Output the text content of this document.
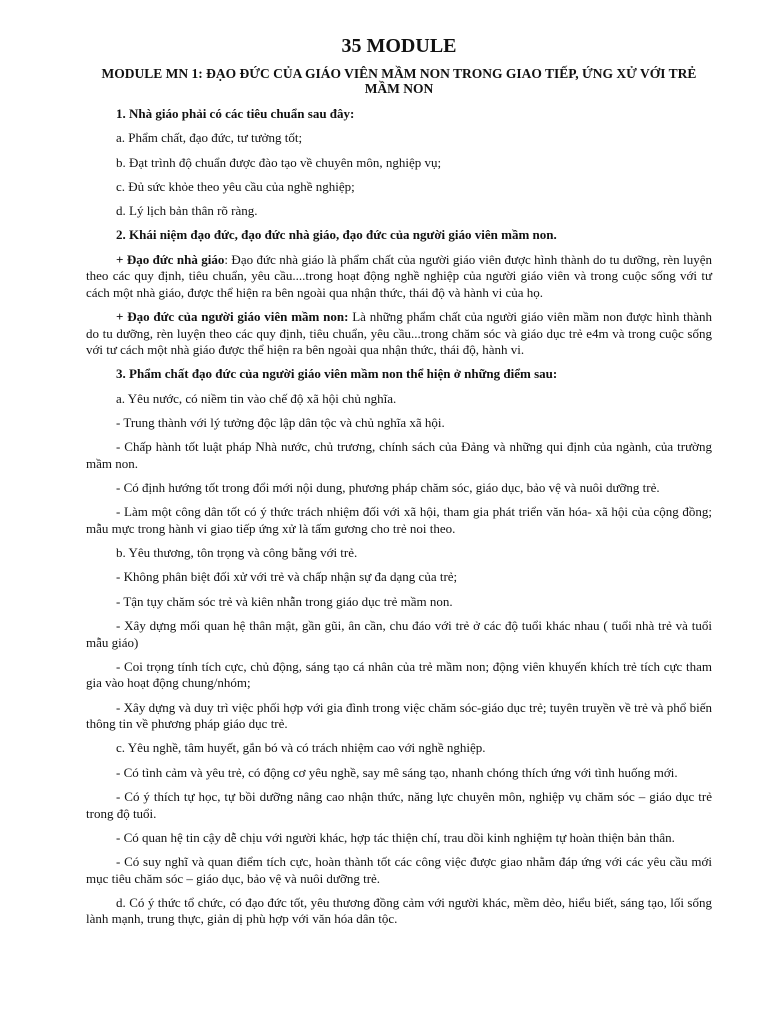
35 MODULE
MODULE MN 1: ĐẠO ĐỨC CỦA GIÁO VIÊN MẦM NON TRONG GIAO TIẾP, ỨNG XỬ VỚI TRẺ MẦM NON
1. Nhà giáo phải có các tiêu chuẩn sau đây:
a. Phẩm chất, đạo đức, tư tưởng tốt;
b. Đạt trình độ chuẩn được đào tạo về chuyên môn, nghiệp vụ;
c. Đủ sức khỏe theo yêu cầu của nghề nghiệp;
d. Lý lịch bản thân rõ ràng.
2. Khái niệm đạo đức, đạo đức nhà giáo, đạo đức của người giáo viên mầm non.
+ Đạo đức nhà giáo: Đạo đức nhà giáo là phẩm chất của người giáo viên được hình thành do tu dưỡng, rèn luyện theo các quy định, tiêu chuẩn, yêu cầu....trong hoạt động nghề nghiệp của người giáo viên và trong cuộc sống với tư cách một nhà giáo, được thể hiện ra bên ngoài qua nhận thức, thái độ và hành vi của họ.
+ Đạo đức của người giáo viên mầm non: Là những phẩm chất của người giáo viên mầm non được hình thành do tu dưỡng, rèn luyện theo các quy định, tiêu chuẩn, yêu cầu...trong chăm sóc và giáo dục trẻ e4m và trong cuộc sống với tư cách một nhà giáo được thể hiện ra bên ngoài qua nhận thức, thái độ, hành vi.
3. Phẩm chất đạo đức của người giáo viên mầm non thể hiện ở những điểm sau:
a. Yêu nước, có niềm tin vào chế độ xã hội chủ nghĩa.
- Trung thành với lý tưởng độc lập dân tộc và chủ nghĩa xã hội.
- Chấp hành tốt luật pháp Nhà nước, chủ trương, chính sách của Đảng và những qui định của ngành, của trường mầm non.
- Có định hướng tốt trong đổi mới nội dung, phương pháp chăm sóc, giáo dục, bảo vệ và nuôi dưỡng trẻ.
- Làm một công dân tốt có ý thức trách nhiệm đối với xã hội, tham gia phát triển văn hóa- xã hội của cộng đồng; mẫu mực trong hành vi giao tiếp ứng xử là tấm gương cho trẻ noi theo.
b. Yêu thương, tôn trọng và công bằng với trẻ.
- Không phân biệt đối xử với trẻ và chấp nhận sự đa dạng của trẻ;
- Tận tụy chăm sóc trẻ và kiên nhẫn trong giáo dục trẻ mầm non.
- Xây dựng mối quan hệ thân mật, gần gũi, ân cần, chu đáo với trẻ ở các độ tuổi khác nhau ( tuổi nhà trẻ và tuổi mẫu giáo)
- Coi trọng tính tích cực, chủ động, sáng tạo cá nhân của trẻ mầm non; động viên khuyến khích trẻ tích cực tham gia vào hoạt động chung/nhóm;
- Xây dựng và duy trì việc phối hợp với gia đình trong việc chăm sóc-giáo dục trẻ; tuyên truyền về trẻ và phổ biến thông tin về phương pháp giáo dục trẻ.
c. Yêu nghề, tâm huyết, gắn bó và có trách nhiệm cao với nghề nghiệp.
- Có tình cảm và yêu trẻ, có động cơ yêu nghề, say mê sáng tạo, nhanh chóng thích ứng với tình huống mới.
- Có ý thích tự học, tự bồi dưỡng nâng cao nhận thức, năng lực chuyên môn, nghiệp vụ chăm sóc – giáo dục trẻ trong độ tuổi.
- Có quan hệ tin cậy dễ chịu với người khác, hợp tác thiện chí, trau dồi kinh nghiệm tự hoàn thiện bản thân.
- Có suy nghĩ và quan điểm tích cực, hoàn thành tốt các công việc được giao nhằm đáp ứng với các yêu cầu mới mục tiêu chăm sóc – giáo dục, bảo vệ và nuôi dưỡng trẻ.
d. Có ý thức tổ chức, có đạo đức tốt, yêu thương đồng cảm với người khác, mềm dẻo, hiểu biết, sáng tạo, lối sống lành mạnh, trung thực, giản dị phù hợp với văn hóa dân tộc.
